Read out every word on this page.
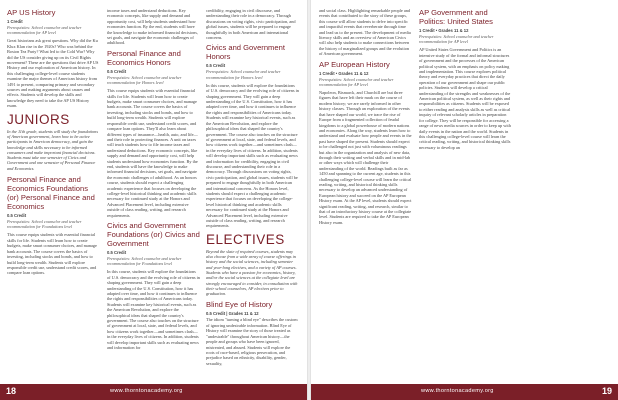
AP US History
1 Credit
Prerequisites: School counselor and teacher recommendation for AP level
Great historians ask great questions. Why did the Ku Klux Klan rise in the 1920s? Who was behind the Boston Tea Party? What led to the Cold War? Why did the US consider giving up on its Civil Rights movement? These are the questions that drive AP US History and our exploration of American history. In this challenging college-level course students examine the major themes of American history from 1491 to present, comparing primary and secondary sources and making arguments about causes and effects. Students will develop the skills and knowledge they need to take the AP US History exam.
JUNIORS
In the 11th grade, students will study the foundations of American government, learn how to be active participants in American democracy, and gain the knowledge and skills necessary to be informed consumers and make important financial decisions. Students must take one semester of Civics and Government and one semester of Personal Finance and Economics.
Personal Finance and Economics Foundations (or) Personal Finance and Economics
0.5 Credit
Prerequisites: School counselor and teacher recommendation for Foundations level
This course equips students with essential financial skills for life. Students will learn how to create budgets, make smart consumer choices, and manage bank accounts. The course covers the basics of investing, including stocks and bonds, and how to build long-term wealth. Students will explore responsible credit use, understand credit scores, and compare loan options.
income taxes and understand deductions. Key economic concepts, like supply and demand and opportunity cost, will help students understand how economies function. By the end, students will have the knowledge to make informed financial decisions, set goals, and navigate the economic challenges of adulthood.
Personal Finance and Economics Honors
0.5 Credit
Prerequisites: School counselor and teacher recommendation for Honors level
This course equips students with essential financial skills for life. Students will learn how to create budgets, make smart consumer choices, and manage bank accounts. The course covers the basics of investing, including stocks and bonds, and how to build long-term wealth. Students will explore responsible credit use, understand credit scores, and compare loan options. They'll also learn about different types of insurance—health, auto, and life—and their role in protecting finances. A unit on taxes will teach students how to file income taxes and understand deductions. Key economic concepts, like supply and demand and opportunity cost, will help students understand how economies function. By the end, students will have the knowledge to make informed financial decisions, set goals, and navigate the economic challenges of adulthood. As an honors course, students should expect a challenging academic experience that focuses on developing the college-level historical thinking and academic skills necessary for continued study at the Honors and Advanced Placement level, including extensive outside of class reading, writing, and research requirements.
Civics and Government Foundations (or) Civics and Government
0.5 Credit
Prerequisites: School counselor and teacher recommendation for Foundations level
In this course, students will explore the foundations of U.S. democracy and the evolving role of citizens in shaping government. They will gain a deep understanding of the U.S. Constitution, how it has adapted over time, and how it continues to influence the rights and responsibilities of Americans today. Students will examine key historical events, such as the American Revolution, and explore the philosophical ideas that shaped the country's government. The course also touches on the structure of government at local, state, and federal levels, and how citizens work together—and sometimes clash—in the everyday lives of citizens. In addition, students will develop important skills such as evaluating news and information for
credibility, engaging in civil discourse, and understanding their role in a democracy. Through discussions on voting rights, civic participation, and global issues, students will be prepared to engage thoughtfully in both American and international concerns.
Civics and Government Honors
0.5 Credit
Prerequisites: School counselor and teacher recommendation for Honors level
In this course, students will explore the foundations of U.S. democracy and the evolving role of citizens in shaping government. They will gain a deep understanding of the U.S. Constitution, how it has adapted over time, and how it continues to influence the rights and responsibilities of Americans today. Students will examine key historical events, such as the American Revolution, and explore the philosophical ideas that shaped the country's government. The course also touches on the structure of government at local, state, and federal levels, and how citizens work together—and sometimes clash—in the everyday lives of citizens. In addition, students will develop important skills such as evaluating news and information for credibility, engaging in civil discourse, and understanding their role in a democracy. Through discussions on voting rights, civic participation, and global issues, students will be prepared to engage thoughtfully in both American and international concerns. As the Honors level, students should expect a challenging academic experience that focuses on developing the college-level historical thinking and academic skills necessary for continued study at the Honors and Advanced Placement level, including extensive outside of class reading, writing, and research requirements.
ELECTIVES
Beyond the slate of required courses, students may also choose from a wide array of course offerings in history and the social sciences, including semester and year-long electives, and a variety of AP courses. Students who have a passion for economics, history, and/or the social sciences at the collegiate level are strongly encouraged to consider, in consultation with their school counselors, AP electives prior to graduation.
Blind Eye of History
0.5 Credit | Grades 11 & 12
The idiom "turning a blind eye" describes the custom of ignoring undesirable information. Blind Eye of History will examine the story of those treated as "undesirable" throughout American history—the people and groups who have been ignored, mistreated, and abused. Students will explore the roots of race-based, religious persecution, and prejudice based on ethnicity, disability, gender, sexuality,
18	www.thorntonacademy.org
and social class. Highlighting remarkable people and events that contributed to the story of these groups, this course will allow students to delve into specific and impactful events that reverberate through time and lead us to the present. The development of media literacy skills and an overview of American Civics will also help students to make connections between the history of marginalized groups and the evolution of American government.
AP European History
1 Credit • Grades 11 & 12
Prerequisites: School counselor and teacher recommendation for AP level
Napoleon, Bismarck, and Churchill are but three figures that have left their mark on the course of modern history; we are rarely informed in other history classes. Through an exploration of the events that have shaped our world, we trace the rise of Europe from a fragmented collection of feudal kingdoms to a global powerhouse of modern nations and economies. Along the way, students learn how to understand and evaluate how people and events in the past have shaped the present. Students should expect to be challenged not just with voluminous readings but also in the organization and analysis of new data, through their writing and verbal skills and in mid-lab or other ways which will challenge their understanding of the world. Readings built as far as 1450 and spanning to the current age, students in this challenging college-level course will learn the critical reading, writing, and historical thinking skills necessary to develop an advanced understanding of European history and succeed on the AP European History exam. At the AP level, students should expect significant reading, writing, and research, similar to that of an introductory history course at the collegiate level. Students are required to take the AP European History exam.
AP Government and Politics: United States
1 Credit • Grades 11 & 12
Prerequisites: School counselor and teacher recommendation for AP level
AP United States Government and Politics is an intensive study of the formal and informal structures of government and the processes of the American political system, with an emphasis on policy making and implementation. This course explores political theory and everyday practices that direct the daily operation of our government and shape our public policies. Students will develop a critical understanding of the strengths and weaknesses of the American political system, as well as their rights and responsibilities as citizens. Students will be exposed to either reading and analysis skills as well as critical inquiry of relevant scholarly articles in preparation for college. They will be responsible for accessing a range of news media sources in order to keep up with daily events in the nation and the world. Students in this challenging college-level course will learn the critical reading, writing, and historical thinking skills necessary to develop an
www.thorntonacademy.org	19
